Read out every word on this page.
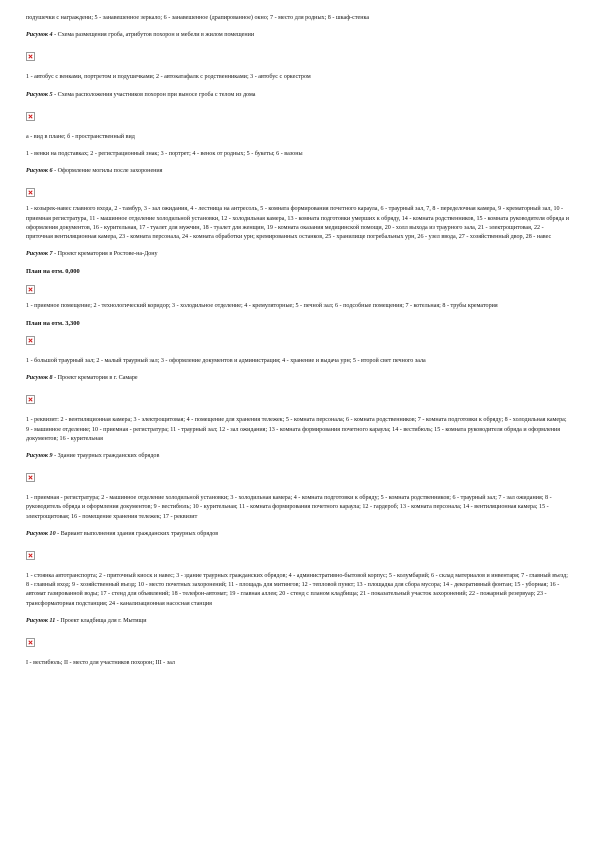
подушечки с награждени; 5 - занавешенное зеркало; 6 - занавешенное (драпированное) окно; 7 - место для родных; 8 - шкаф-стенка

Рисунок 4 - Схема размещения гроба, атрибутов похорон и мебели в жилом помещении

1 - автобус с венками, портретом и подушечками; 2 - автокатафалк с родственниками; 3 - автобус с оркестром

Рисунок 5 - Схема расположения участников похорон при выносе гроба с телом из дома

а - вид в плане; б - пространственный вид

1 - венки на подставках; 2 - регистрационный знак; 3 - портрет; 4 - венок от родных; 5 - букеты; 6 - вазоны

Рисунок 6 - Оформление могилы после захоронения

1 - козырек-навес главного входа, 2 - тамбур, 3 - зал ожидания, 4 - лестница на антресоль, 5 - комната формирования почетного караула, 6 - траурный зал, 7, 8 - переделочная камера, 9 - крематорный зал, 10 - приемная регистратура, 11 - машинное отделение холодильной установки, 12 - холодильная камера, 13 - комната подготовки умерших к обряду, 14 - комната родственников, 15 - комната руководителя обряда и оформления документов, 16 - курительная, 17 - туалет для мужчин, 18 - туалет для женщин, 19 - комната оказания медицинской помощи, 20 - холл выхода из траурного зала, 21 - электрощитовая, 22 - приточная вентиляционная камера, 23 - комната персонала, 24 - комната обработки урн; кремированных останков, 25 - хранилище погребальных урн, 26 - узел ввода, 27 - хозяйственный двор, 28 - навес

Рисунок 7 - Проект крематория в Ростове-на-Дону

План на отм. 0,000

1 - приемное помещение; 2 - технологический коридор; 3 - холодильное отделение; 4 - кремуляторные; 5 - печной зал; 6 - подсобные помещения; 7 - котельная; 8 - трубы крематория

План на отм. 3,300

1 - большой траурный зал; 2 - малый траурный зал; 3 - оформление документов и администрация; 4 - хранение и выдача урн; 5 - второй свет печного зала

Рисунок 8 - Проект крематория в г. Самаре

1 - реквизит: 2 - вентиляционная камера; 3 - электрощитовая; 4 - помещение для хранения тележек; 5 - комната персонала; 6 - комната родственников; 7 - комната подготовки к обряду; 8 - холодильная камера; 9 - машинное отделение; 10 - приемная - регистратура; 11 - траурный зал; 12 - зал ожидания; 13 - комната формирования почетного караула; 14 - вестибюль; 15 - комната руководителя обряда и оформления документов; 16 - курительная

Рисунок 9 - Здание траурных гражданских обрядов

1 - приемная - регистратура; 2 - машинное отделение холодильной установки; 3 - холодильная камера; 4 - комната подготовки к обряду; 5 - комната родственников; 6 - траурный зал; 7 - зал ожидания; 8 - руководитель обряда и оформления документов; 9 - вестибюль; 10 - курительная; 11 - комната формирования почетного караула; 12 - гардероб; 13 - комната персонала; 14 - вентиляционная камера; 15 - электрощитовая; 16 - помещение хранения тележек; 17 - реквизит

Рисунок 10 - Вариант выполнения здания гражданских траурных обрядов

1 - стоянка автотранспорта; 2 - приточный киоск и навес; 3 - здание траурных гражданских обрядов; 4 - административно-бытовой корпус; 5 - колумбарий; 6 - склад материалов и инвентаря; 7 - главный въезд; 8 - главный вход; 9 - хозяйственный въезд; 10 - место почетных захоронений; 11 - площадь для митингов; 12 - тепловой пункт; 13 - площадка для сбора мусора; 14 - декоративный фонтан; 15 - уборная; 16 - автомат газированной воды; 17 - стенд для объявлений; 18 - телефон-автомат; 19 - главная аллея; 20 - стенд с планом кладбища; 21 - показательный участок захоронений; 22 - пожарный резервуар; 23 - трансформаторная подстанция; 24 - канализационная насосная станция

Рисунок 11 - Проект кладбища для г. Мытищи

I - вестибюль; II - место для участников похорон; III - зал
